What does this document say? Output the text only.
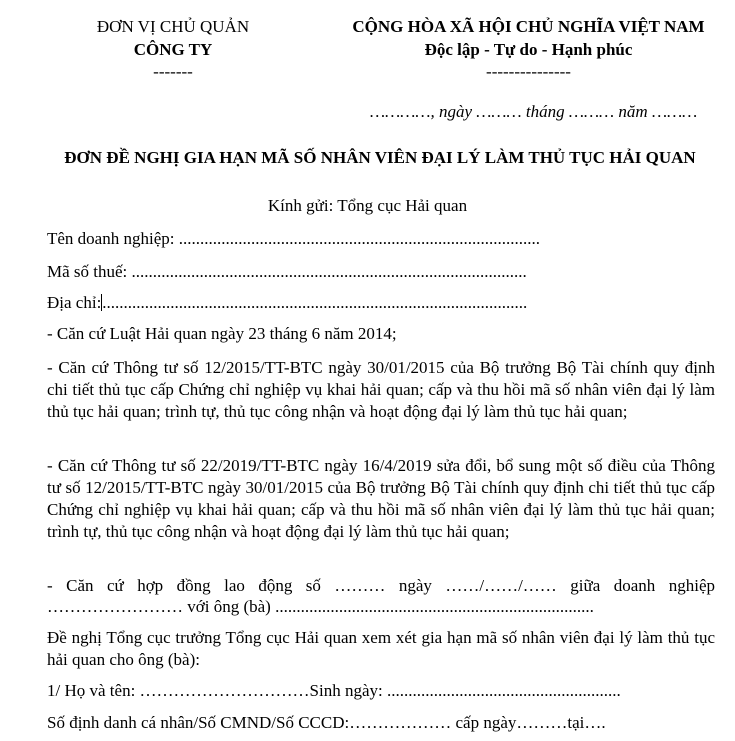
ĐƠN VỊ CHỦ QUẢN
CÔNG TY
-------
CỘNG HÒA XÃ HỘI CHỦ NGHĨA VIỆT NAM
Độc lập - Tự do - Hạnh phúc
---------------
…………, ngày ……… tháng ……… năm ………
ĐƠN ĐỀ NGHỊ GIA HẠN MÃ SỐ NHÂN VIÊN ĐẠI LÝ LÀM THỦ TỤC HẢI QUAN
Kính gửi: Tổng cục Hải quan
Tên doanh nghiệp: .....................................................................................
Mã số thuế: .............................................................................................
Địa chỉ:....................................................................................................
- Căn cứ Luật Hải quan ngày 23 tháng 6 năm 2014;
- Căn cứ Thông tư số 12/2015/TT-BTC ngày 30/01/2015 của Bộ trưởng Bộ Tài chính quy định chi tiết thủ tục cấp Chứng chỉ nghiệp vụ khai hải quan; cấp và thu hồi mã số nhân viên đại lý làm thủ tục hải quan; trình tự, thủ tục công nhận và hoạt động đại lý làm thủ tục hải quan;
- Căn cứ Thông tư số 22/2019/TT-BTC ngày 16/4/2019 sửa đổi, bổ sung một số điều của Thông tư số 12/2015/TT-BTC ngày 30/01/2015 của Bộ trưởng Bộ Tài chính quy định chi tiết thủ tục cấp Chứng chỉ nghiệp vụ khai hải quan; cấp và thu hồi mã số nhân viên đại lý làm thủ tục hải quan; trình tự, thủ tục công nhận và hoạt động đại lý làm thủ tục hải quan;
- Căn cứ hợp đồng lao động số ……… ngày ……/……/…… giữa doanh nghiệp
…………………… với ông (bà) ...........................................................................
Đề nghị Tổng cục trưởng Tổng cục Hải quan xem xét gia hạn mã số nhân viên đại lý làm thủ tục hải quan cho ông (bà):
1/ Họ và tên: …………………………Sinh ngày: .......................................................
Số định danh cá nhân/Số CMND/Số CCCD:……………… cấp ngày………tại….
